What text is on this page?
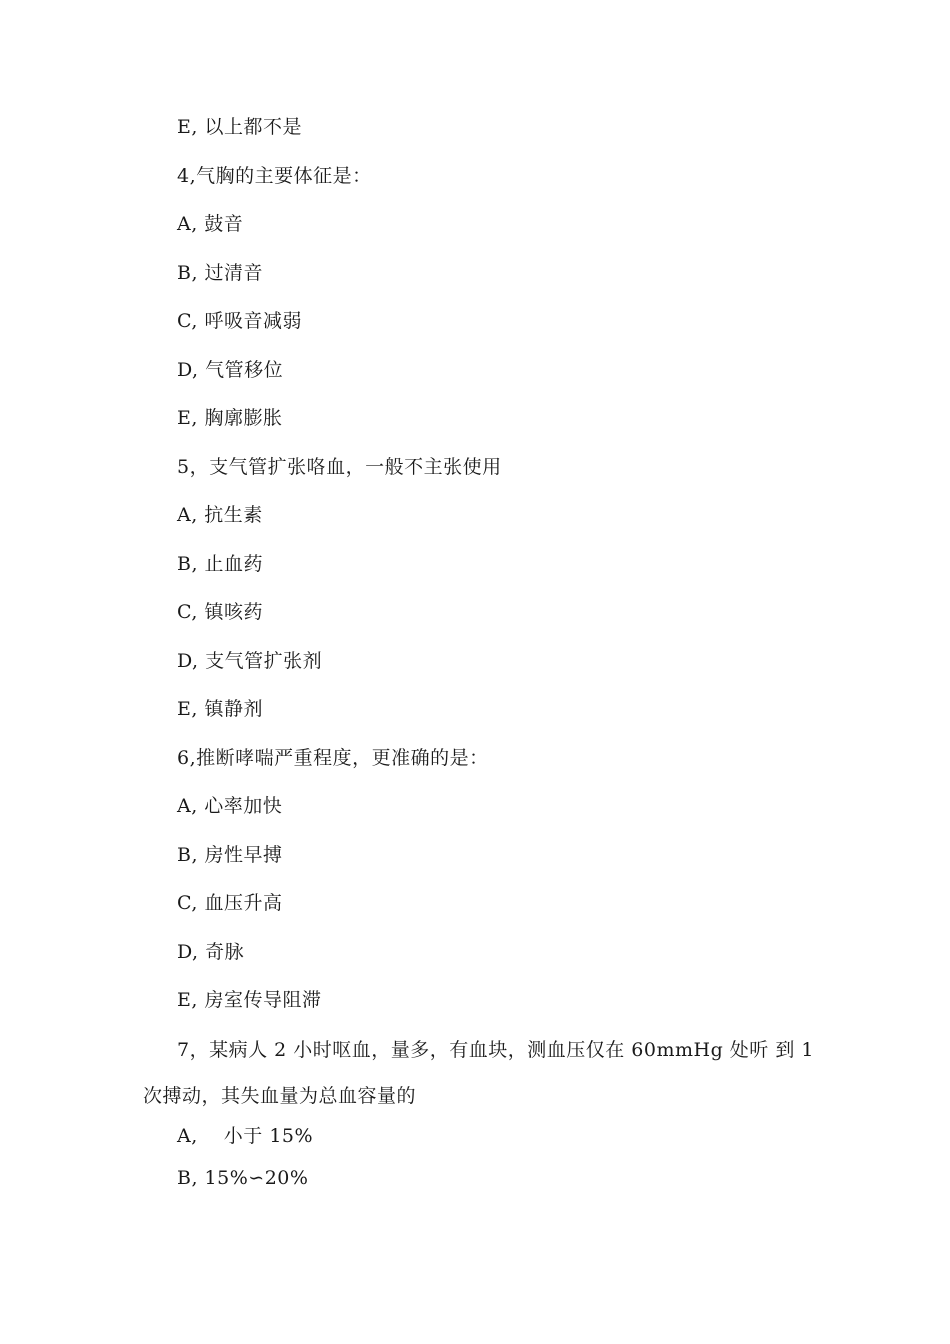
E, 以上都不是
4,气胸的主要体征是：
A, 鼓音
B, 过清音
C, 呼吸音减弱
D, 气管移位
E, 胸廓膨胀
5，支气管扩张咯血，一般不主张使用
A, 抗生素
B, 止血药
C, 镇咳药
D, 支气管扩张剂
E, 镇静剂
6,推断哮喘严重程度，更准确的是：
A, 心率加快
B, 房性早搏
C, 血压升高
D, 奇脉
E, 房室传导阻滞
7，某病人 2 小时呕血，量多，有血块，测血压仅在 60mmHg 处听 到 1 次搏动，其失血量为总血容量的
A,　 小于 15%
B, 15%∽20%
